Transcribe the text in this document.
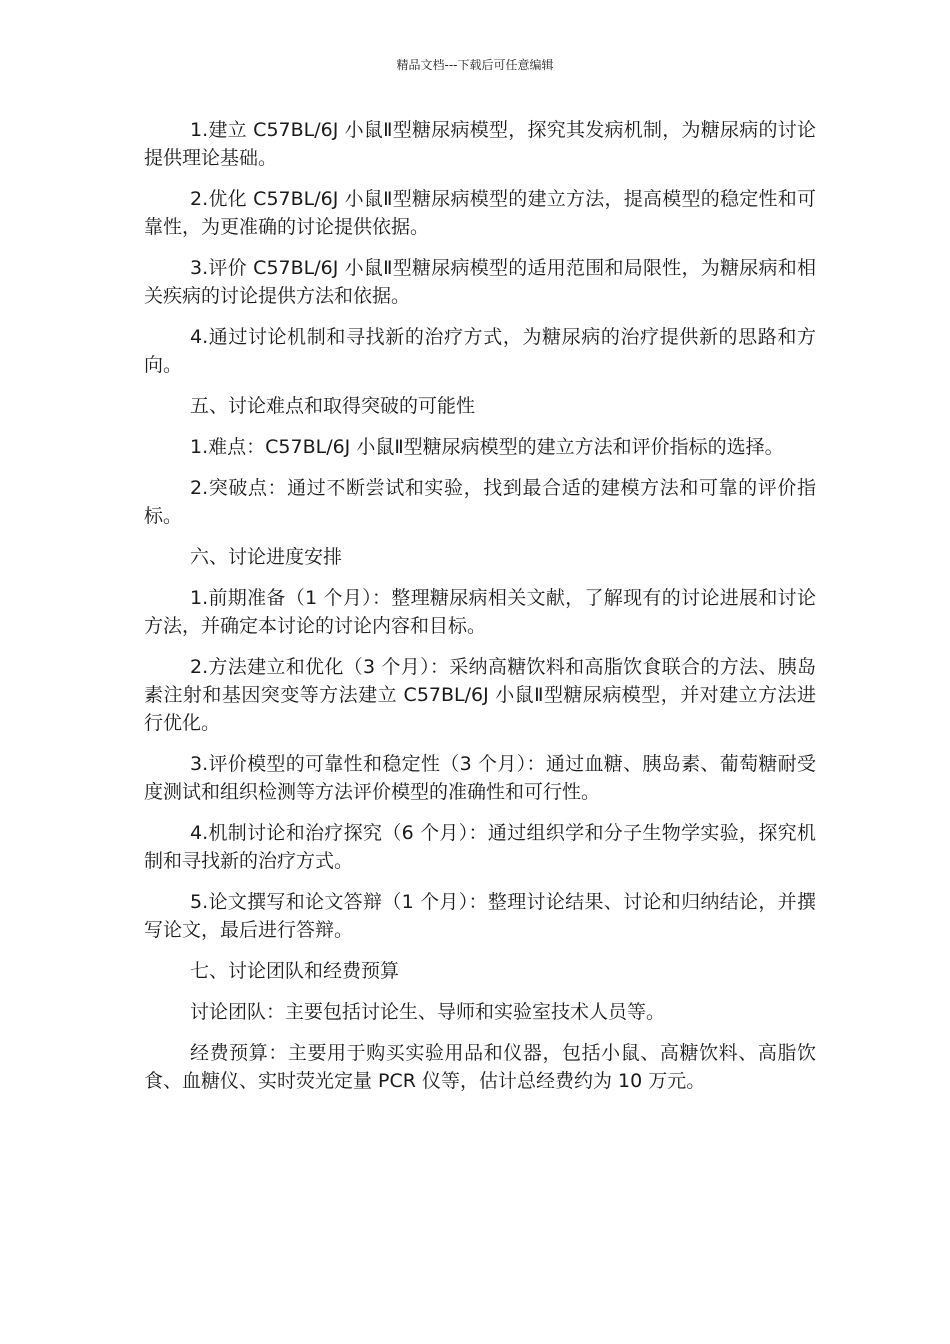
精品文档---下载后可任意编辑

1.建立 C57BL/6J 小鼠Ⅱ型糖尿病模型，探究其发病机制，为糖尿病的讨论提供理论基础。

2.优化 C57BL/6J 小鼠Ⅱ型糖尿病模型的建立方法，提高模型的稳定性和可靠性，为更准确的讨论提供依据。

3.评价 C57BL/6J 小鼠Ⅱ型糖尿病模型的适用范围和局限性，为糖尿病和相关疾病的讨论提供方法和依据。

4.通过讨论机制和寻找新的治疗方式，为糖尿病的治疗提供新的思路和方向。

五、讨论难点和取得突破的可能性

1.难点：C57BL/6J 小鼠Ⅱ型糖尿病模型的建立方法和评价指标的选择。

2.突破点：通过不断尝试和实验，找到最合适的建模方法和可靠的评价指标。

六、讨论进度安排

1.前期准备（1 个月）：整理糖尿病相关文献，了解现有的讨论进展和讨论方法，并确定本讨论的讨论内容和目标。

2.方法建立和优化（3 个月）：采纳高糖饮料和高脂饮食联合的方法、胰岛素注射和基因突变等方法建立 C57BL/6J 小鼠Ⅱ型糖尿病模型，并对建立方法进行优化。

3.评价模型的可靠性和稳定性（3 个月）：通过血糖、胰岛素、葡萄糖耐受度测试和组织检测等方法评价模型的准确性和可行性。

4.机制讨论和治疗探究（6 个月）：通过组织学和分子生物学实验，探究机制和寻找新的治疗方式。

5.论文撰写和论文答辩（1 个月）：整理讨论结果、讨论和归纳结论，并撰写论文，最后进行答辩。

七、讨论团队和经费预算

讨论团队：主要包括讨论生、导师和实验室技术人员等。

经费预算：主要用于购买实验用品和仪器，包括小鼠、高糖饮料、高脂饮食、血糖仪、实时荧光定量 PCR 仪等，估计总经费约为 10 万元。
